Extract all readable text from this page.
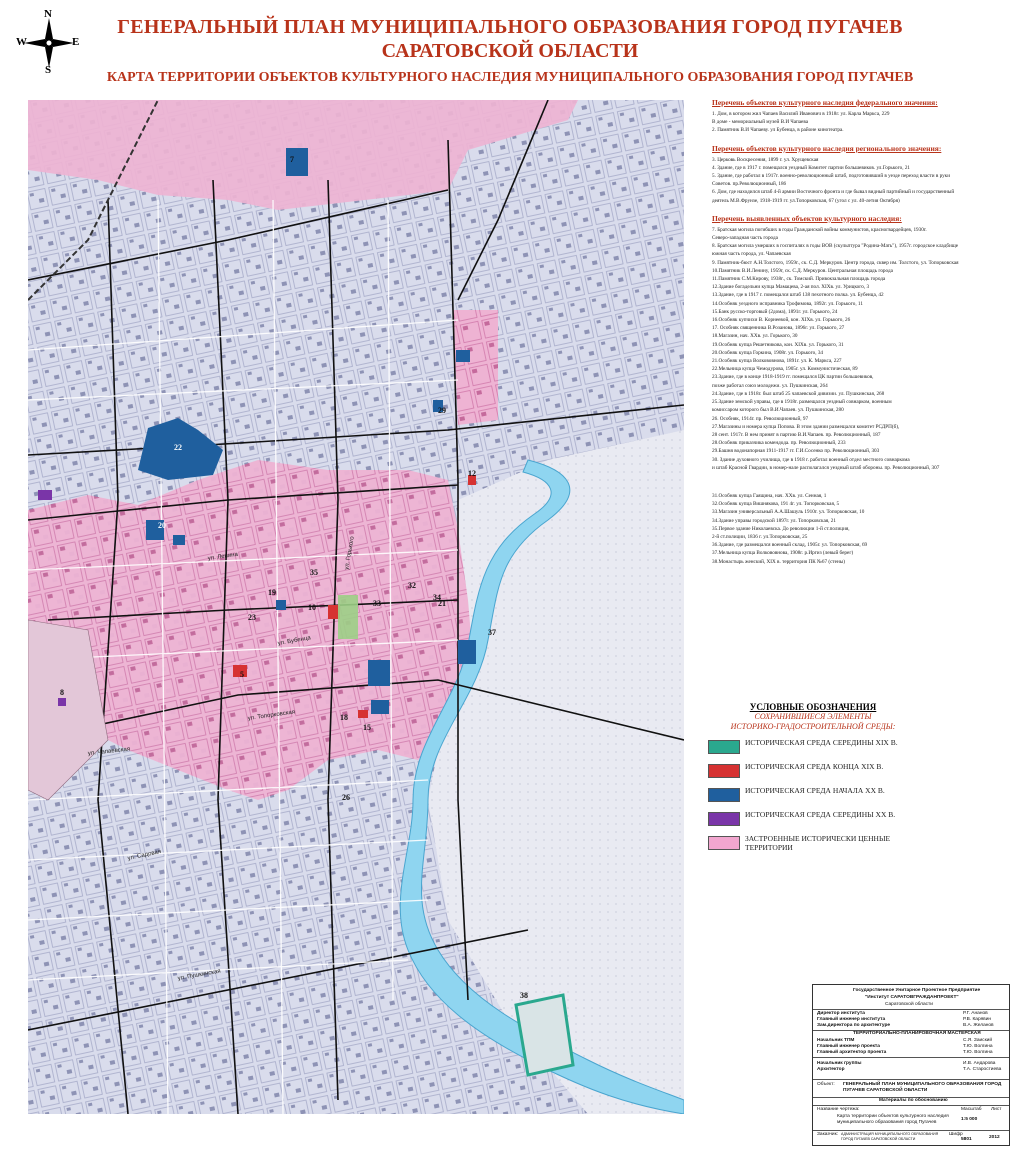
N
S
W	E
ГЕНЕРАЛЬНЫЙ ПЛАН МУНИЦИПАЛЬНОГО ОБРАЗОВАНИЯ ГОРОД ПУГАЧЕВ
САРАТОВСКОЙ ОБЛАСТИ
КАРТА ТЕРРИТОРИИ ОБЪЕКТОВ КУЛЬТУРНОГО НАСЛЕДИЯ МУНИЦИПАЛЬНОГО ОБРАЗОВАНИЯ ГОРОД ПУГАЧЕВ
ул. Бубенца
ул. Топорковская
ул. Садовая
ул. Чапаевская
ул. Ленина	ул. Горького
ул. Пушкинская
7
22
8
35
33
34
37
38
26
20
12
10
5
15
18
32
19
29
21
23
Перечень объектов культурного наследия федерального значения:
1. Дом, в котором жил Чапаев Василий Иванович в 1918г. ул. Карла Маркса, 229
В доме - мемориальный музей В.И Чапаева
2. Памятник В.И Чапаеву. ул Бубенца, в районе кинотеатра.
Перечень объектов культурного наследия регионального значения:
3. Церковь Воскресения, 1899 г. ул. Хрущевская
4. Здание, где в 1917 г. помещался уездный Комитет партии большевиков. ул.Горького, 21
5. Здание, где работал в 1917г. военно-революционный штаб, подготовивший в уезде переход власти в руки
Советов. пр.Революционный, 186
6. Дом, где находился штаб 4-й армии Восточного фронта и где бывал видный партийный и государственный
деятель М.В.Фрунзе, 1918-1919 гг. ул.Топорковская, 67 (угол с ул. 40-летия Октября)
Перечень выявленных объектов культурного наследия:
7. Братская могила погибших в годы Гражданской войны коммунистов, красногвардейцев, 1930г.
Северо-западная часть города
8. Братская могила умерших в госпиталях в годы ВОВ (скульптура "Родина-Мать"), 1957г. городское кладбище
южная часть города, ул. Чапаевская
9. Памятник-бюст А.Н.Толстого, 1959г., ск. С.Д. Меркуров. Центр города, сквер им. Толстого, ул. Топорковская
10.Памятник В.И.Ленину, 1959г, ск. С.Д. Меркуров. Центральная площадь города
11.Памятник С.М.Кирову, 1938г., ск. Томский. Привокзальная площадь города
12.Здание богадельни купца Мамацева, 2-ая пол. XIXв. ул. Урицкого, 3
13.Здание, где в 1917 г. помещался штаб 138 пехотного полка. ул. Бубенца, 42
14.Особняк уездного исправника Трофимова, 1892г. ул. Горького, 11
15.Банк русско-торговый (2дома), 1891г. ул. Горького, 24
16.Особняк купчихи В. Корнеевой, кон. XIXв. ул. Горького, 26
17. Особняк священника В.Розанова, 1896г. ул. Горького, 27
18.Магазин, нач. XXв. ул. Горького, 30
19.Особняк купца Решетникова, кон. XIXв. ул. Горького, 31
20.Особняк купца Горкина, 1908г. ул. Горького, 34
21.Особняк купца Волкововнова, 1891г. ул. К. Маркса, 227
22.Мельница купца Чемодурова, 1905г. ул. Коммунистическая, 89
23.Здание, где в конце 1918-1919 гг. помещался ЦК партии большевиков,
позже работал союз молодежи. ул. Пушкинская, 264
24.Здание, где в 1918г. был штаб 25 чапаевской дивизии. ул. Пушкинская, 268
25.Здание земской управы, где в 1918г. размещался уездный совнарком, военным
комиссаром которого был В.И.Чапаев. ул. Пушкинская, 280
26. Особняк, 1914г. пр. Революционный, 97
27.Магазины и номера купца Попова. В этом здании размещался комитет РСДРП(б),
28 сент. 1917г. В нем принят в партию В.И.Чапаев. пр. Революционный, 187
28.Особняк приказчика комендода. пр. Революционный, 233
29.Башня водонапорная 1911-1917 гг. Г.И.Сосенко пр. Революционный, 303
30. Здание духовного училища, где в 1918 г. работал военный отдел местного совнаркома
и штаб Красной Гвардии, в номер-нале располагался уездный штаб обороны. пр. Революционный, 307
31.Особняк купца Гаящина, нач. XXв. ул. Сенная, 1
32.Особняк купца Вишнякова, 191 4г. ул. Топорковская, 5
33.Магазин универсальный А.А.Шашуль 1910г. ул. Топорковская, 10
34.Здание управы городской 1897г. ул. Топорковская, 21
35.Первое здание Николаевска. До революции 1-й ст.полиция,
2-й ст.полиции, 1836 г. ул.Топорковская, 25
36.Здание, где размещался военный склад, 1905г. ул. Топорковская, 69
37.Мельница купца Волкововнова, 1908г. р.Иргиз (левый берег)
38.Монастырь женский, XIX в. территория ПК №67 (стены)
УСЛОВНЫЕ ОБОЗНАЧЕНИЯ
СОХРАНИВШИЕСЯ ЭЛЕМЕНТЫ
ИСТОРИКО-ГРАДОСТРОИТЕЛЬНОЙ СРЕДЫ:
ИСТОРИЧЕСКАЯ СРЕДА СЕРЕДИНЫ XIX В.
ИСТОРИЧЕСКАЯ СРЕДА КОНЦА XIX В.
ИСТОРИЧЕСКАЯ СРЕДА НАЧАЛА XX В.
ИСТОРИЧЕСКАЯ СРЕДА СЕРЕДИНЫ XX В.
ЗАСТРОЕННЫЕ ИСТОРИЧЕСКИ ЦЕННЫЕ ТЕРРИТОРИИ
Государственное Унитарное Проектное Предприятие
"Институт САРАТОВГРАЖДАНПРОЕКТ"
Саратовской области
Директор института	Р.Г. Ананов
Главный инженер института	Р.В. Карявин
Зам.директора по архитектуре	В.А. Желанов
ТЕРРИТОРИАЛЬНО-ПЛАНИРОВОЧНАЯ МАСТЕРСКАЯ
Начальник ТПМ	С.Я. Заиский
Главный инженер проекта	Т.Ю. Волгина
Главный архитектор проекта	Т.Ю. Волгина
Начальник группы	И.В. Андарова
Архитектор	Т.А. Старостиева
Объект: ГЕНЕРАЛЬНЫЙ ПЛАН МУНИЦИПАЛЬНОГО ОБРАЗОВАНИЯ ГОРОД ПУГАЧЕВ САРАТОВСКОЙ ОБЛАСТИ
Материалы по обоснованию
Название чертежа:
Карта территории объектов культурного наследия муниципального образования город Пугачев
Масштаб
1:5 000
Лист
Заказчик: АДМИНИСТРАЦИЯ МУНИЦИПАЛЬНОГО ОБРАЗОВАНИЯ ГОРОД ПУГАЧЕВ САРАТОВСКОЙ ОБЛАСТИ
Шифр
5801	2012
